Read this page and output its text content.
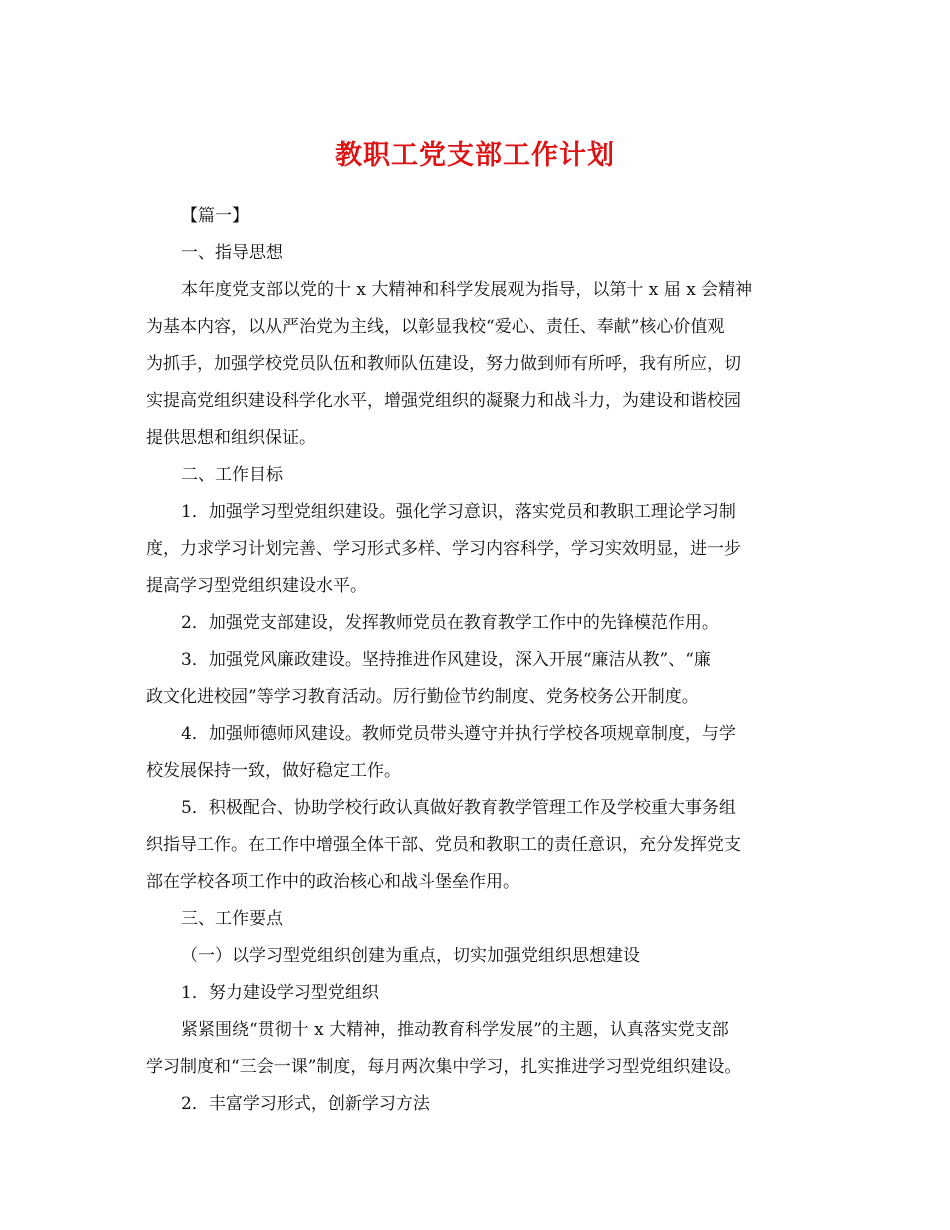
教职工党支部工作计划
【篇一】
一、指导思想
本年度党支部以党的十 x 大精神和科学发展观为指导，以第十 x 届 x 会精神
为基本内容，以从严治党为主线，以彰显我校“爱心、责任、奉献”核心价值观
为抓手，加强学校党员队伍和教师队伍建设，努力做到师有所呼，我有所应，切
实提高党组织建设科学化水平，增强党组织的凝聚力和战斗力，为建设和谐校园
提供思想和组织保证。
二、工作目标
1．加强学习型党组织建设。强化学习意识，落实党员和教职工理论学习制
度，力求学习计划完善、学习形式多样、学习内容科学，学习实效明显，进一步
提高学习型党组织建设水平。
2．加强党支部建设，发挥教师党员在教育教学工作中的先锋模范作用。
3．加强党风廉政建设。坚持推进作风建设，深入开展“廉洁从教”、“廉
政文化进校园”等学习教育活动。厉行勤俭节约制度、党务校务公开制度。
4．加强师德师风建设。教师党员带头遵守并执行学校各项规章制度，与学
校发展保持一致，做好稳定工作。
5．积极配合、协助学校行政认真做好教育教学管理工作及学校重大事务组
织指导工作。在工作中增强全体干部、党员和教职工的责任意识，充分发挥党支
部在学校各项工作中的政治核心和战斗堡垒作用。
三、工作要点
（一）以学习型党组织创建为重点，切实加强党组织思想建设
1．努力建设学习型党组织
紧紧围绕“贯彻十 x 大精神，推动教育科学发展”的主题，认真落实党支部
学习制度和“三会一课”制度，每月两次集中学习，扎实推进学习型党组织建设。
2．丰富学习形式，创新学习方法
